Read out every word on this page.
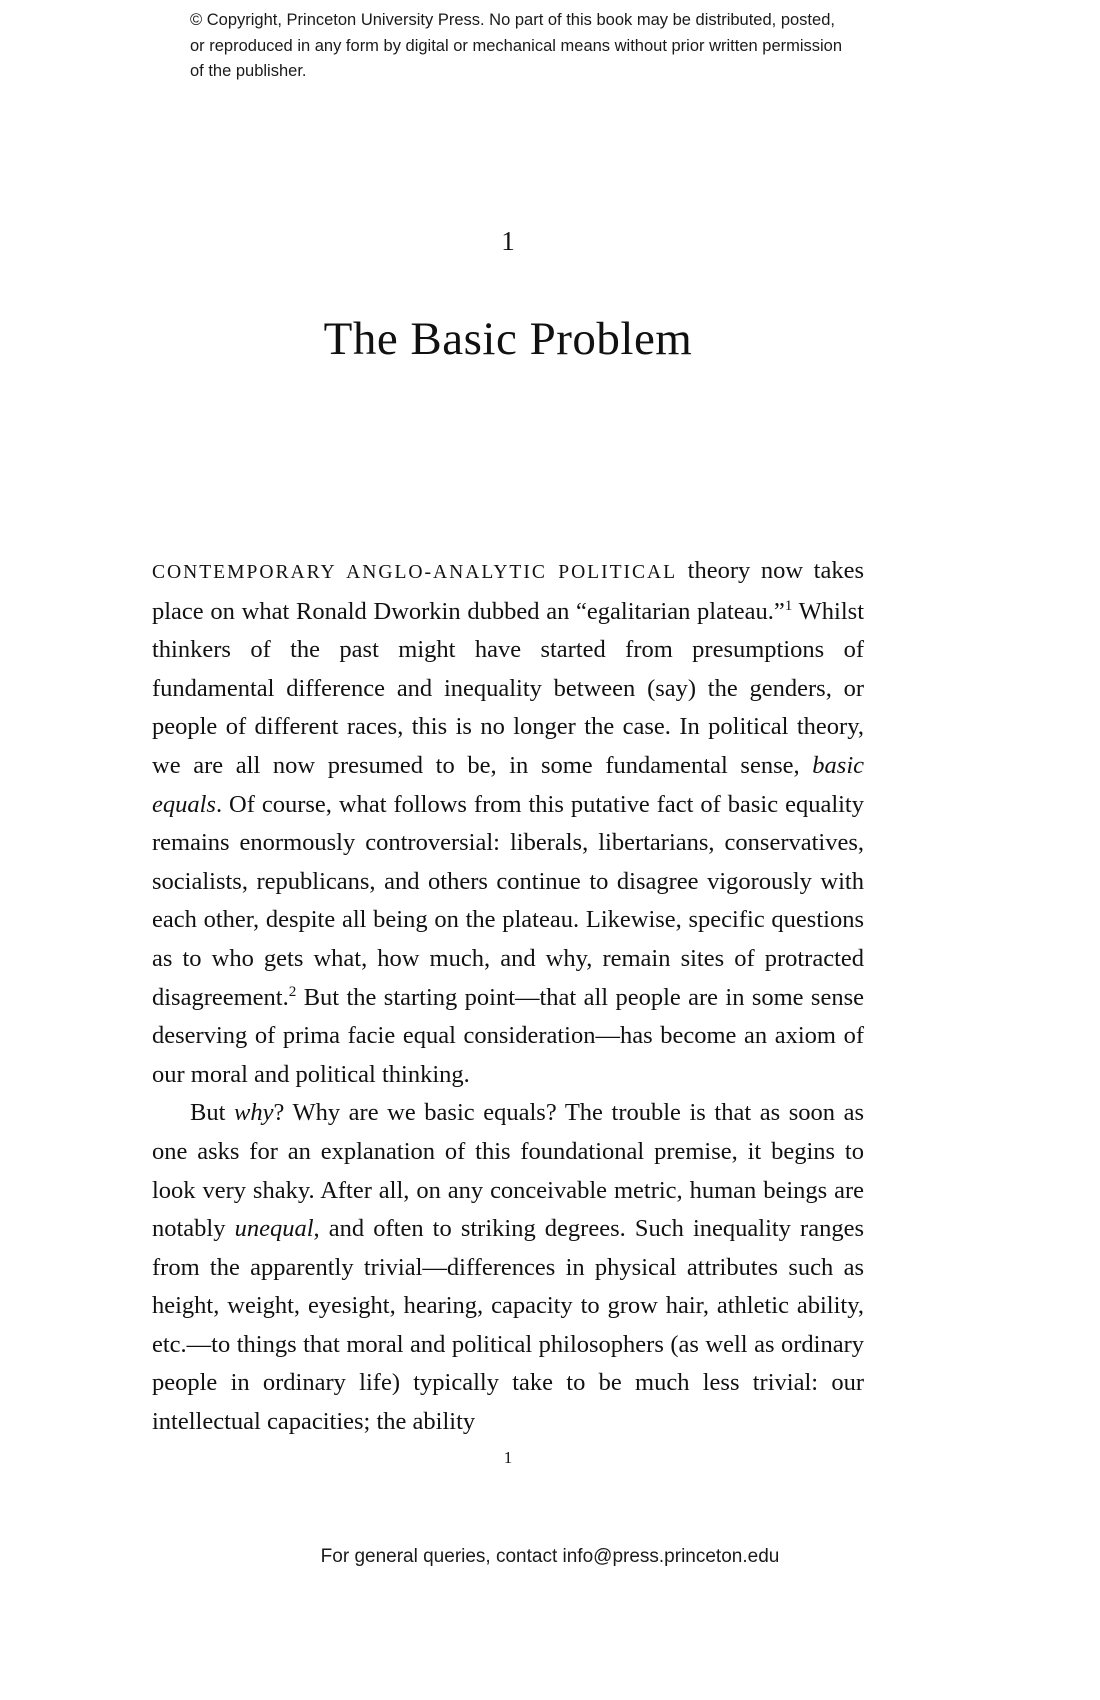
© Copyright, Princeton University Press. No part of this book may be distributed, posted, or reproduced in any form by digital or mechanical means without prior written permission of the publisher.
1
The Basic Problem

CONTEMPORARY ANGLO-ANALYTIC POLITICAL theory now takes place on what Ronald Dworkin dubbed an “egalitarian plateau.”$^1$ Whilst thinkers of the past might have started from presumptions of fundamental difference and inequality between (say) the genders, or people of different races, this is no longer the case. In political theory, we are all now presumed to be, in some fundamental sense, basic equals. Of course, what follows from this putative fact of basic equality remains enormously controversial: liberals, libertarians, conservatives, socialists, republicans, and others continue to disagree vigorously with each other, despite all being on the plateau. Likewise, specific questions as to who gets what, how much, and why, remain sites of protracted disagreement.$^2$ But the starting point—that all people are in some sense deserving of prima facie equal consideration—has become an axiom of our moral and political thinking.

But why? Why are we basic equals? The trouble is that as soon as one asks for an explanation of this foundational premise, it begins to look very shaky. After all, on any conceivable metric, human beings are notably unequal, and often to striking degrees. Such inequality ranges from the apparently trivial—differences in physical attributes such as height, weight, eyesight, hearing, capacity to grow hair, athletic ability, etc.—to things that moral and political philosophers (as well as ordinary people in ordinary life) typically take to be much less trivial: our intellectual capacities; the ability

1
For general queries, contact info@press.princeton.edu
